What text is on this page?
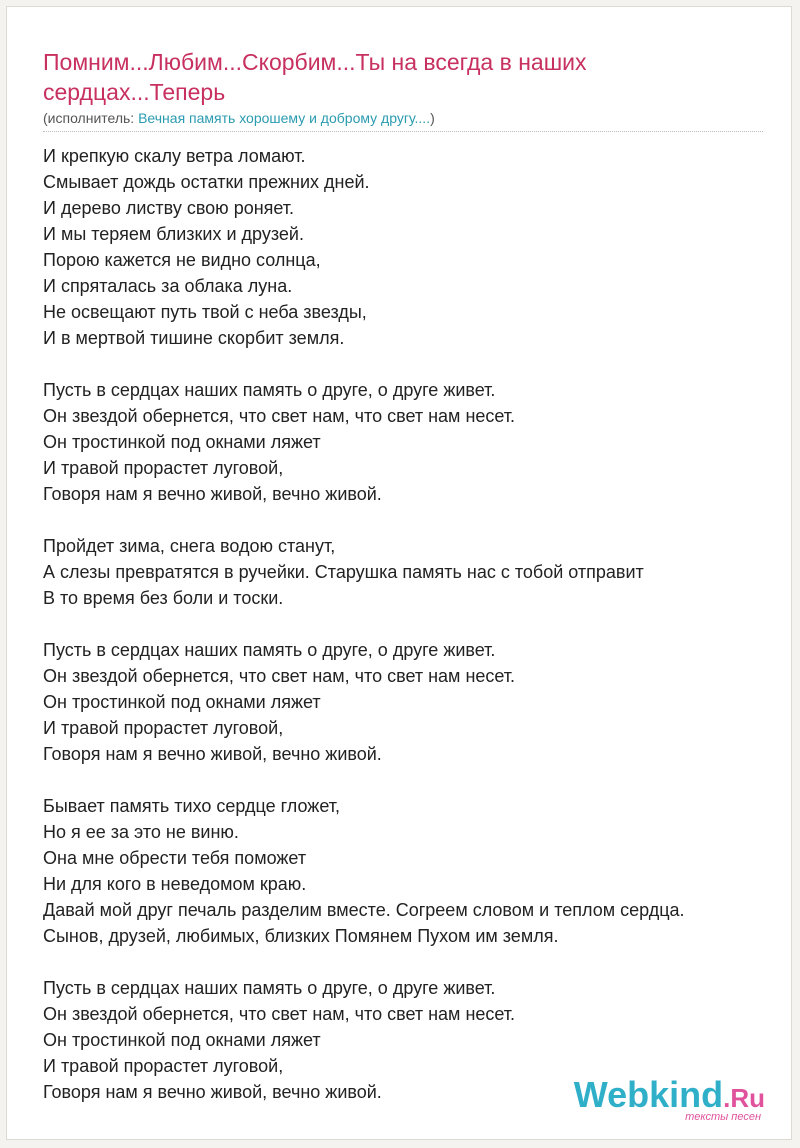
Помним...Любим...Скорбим...Ты на всегда в наших сердцах...Теперь
(исполнитель: Вечная память хорошему и доброму другу....)
И крепкую скалу ветра ломают.
Смывает дождь остатки прежних дней.
И дерево листву свою роняет.
И мы теряем близких и друзей.
Порою кажется не видно солнца,
И спряталась за облака луна.
Не освещают путь твой с неба звезды,
И в мертвой тишине скорбит земля.
Пусть в сердцах наших память о друге, о друге живет.
Он звездой обернется, что свет нам, что свет нам несет.
Он тростинкой под окнами ляжет
И травой прорастет луговой,
Говоря нам я вечно живой, вечно живой.
Пройдет зима, снега водою станут,
А слезы превратятся в ручейки. Старушка память нас с тобой отправит
В то время без боли и тоски.
Пусть в сердцах наших память о друге, о друге живет.
Он звездой обернется, что свет нам, что свет нам несет.
Он тростинкой под окнами ляжет
И травой прорастет луговой,
Говоря нам я вечно живой, вечно живой.
Бывает память тихо сердце гложет,
Но я ее за это не виню.
Она мне обрести тебя поможет
Ни для кого в неведомом краю.
Давай мой друг печаль разделим вместе. Согреем словом и теплом сердца.
Сынов, друзей, любимых, близких Помянем Пухом им земля.
Пусть в сердцах наших память о друге, о друге живет.
Он звездой обернется, что свет нам, что свет нам несет.
Он тростинкой под окнами ляжет
И травой прорастет луговой,
Говоря нам я вечно живой, вечно живой.	Webkind.Ru
тексты песен
